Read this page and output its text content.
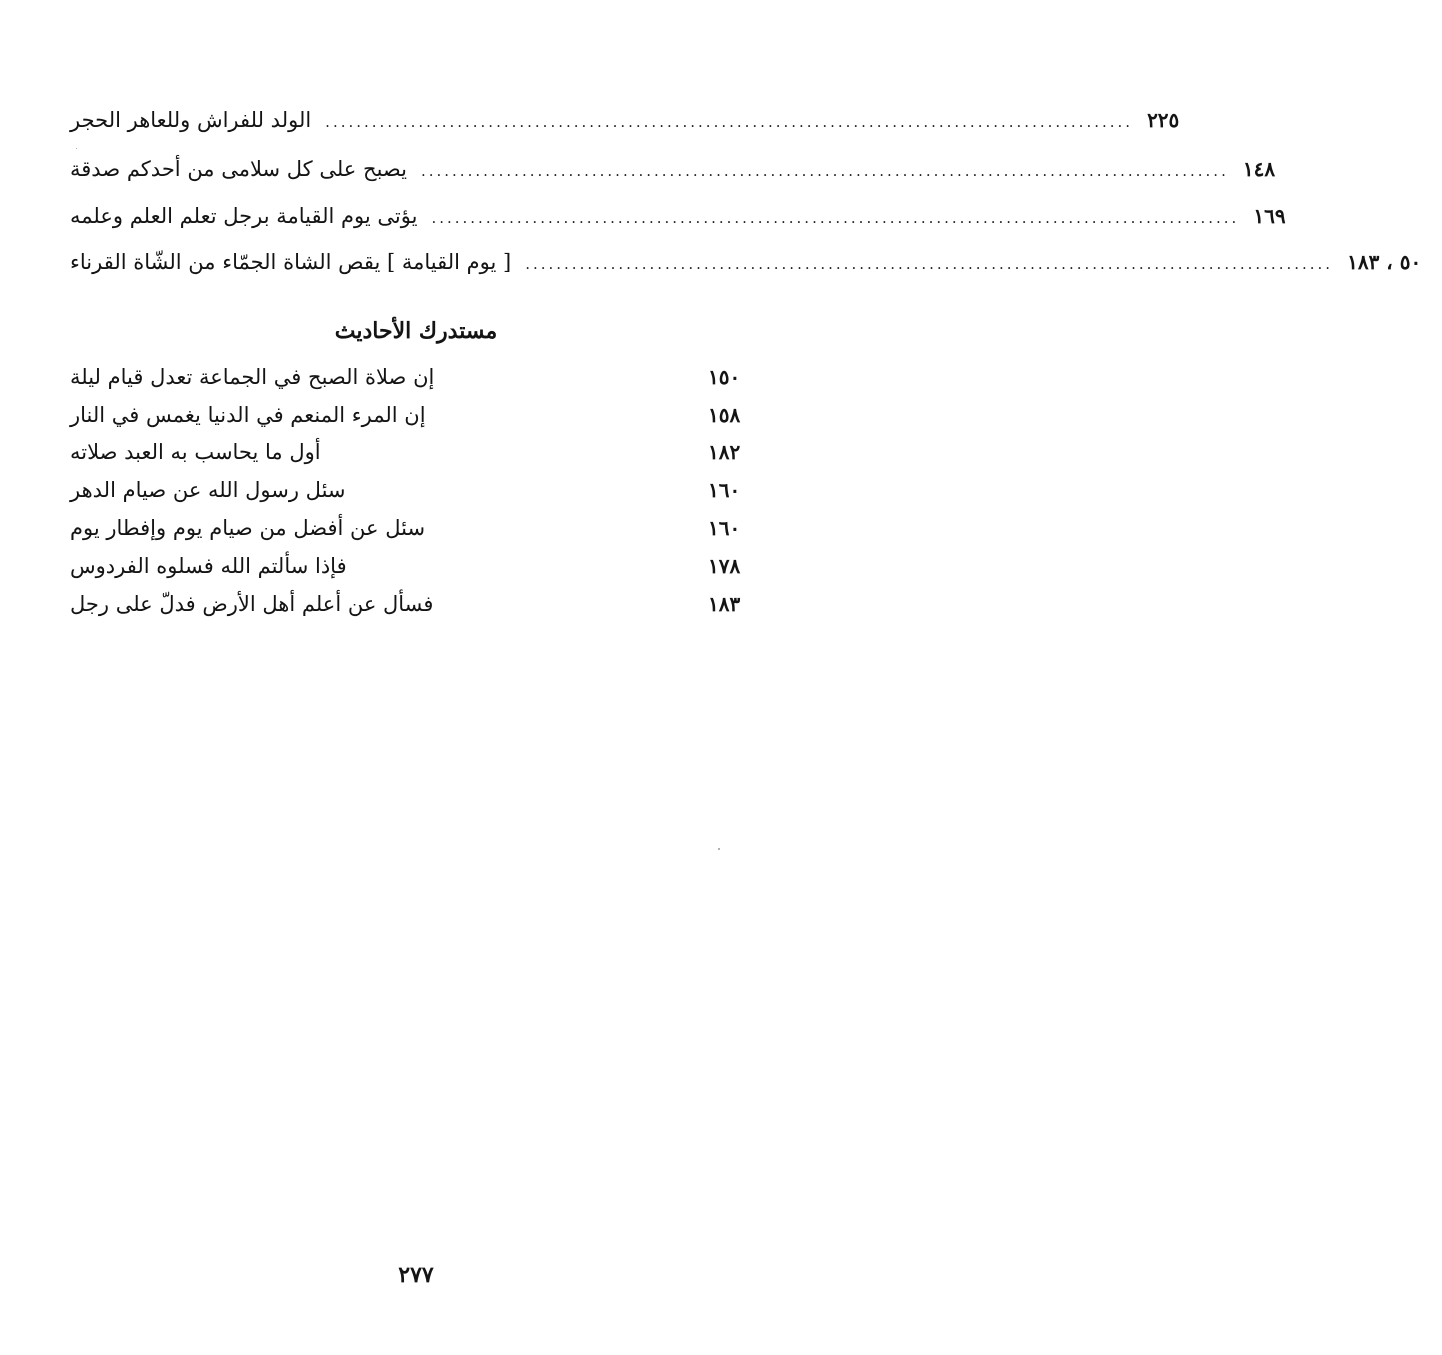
الولد للفراش وللعاهر الحجر ........................................................................................................ ٢٢٥
يصبح على كل سلامى من أحدكم صدقة ........................................................................................................ ١٤٨
يؤتى يوم القيامة برجل تعلم العلم وعلمه ........................................................................................................ ١٦٩
[ يوم القيامة ] يقص الشاة الجمّاء من الشّاة القرناء ........................................................................................................ ٥٠ ، ١٨٣
مستدرك الأحاديث
إن صلاة الصبح في الجماعة تعدل قيام ليلة	١٥٠
إن المرء المنعم في الدنيا يغمس في النار	١٥٨
أول ما يحاسب به العبد صلاته	١٨٢
سئل رسول الله عن صيام الدهر	١٦٠
سئل عن أفضل من صيام يوم وإفطار يوم	١٦٠
فإذا سألتم الله فسلوه الفردوس	١٧٨
فسأل عن أعلم أهل الأرض فدلّ على رجل	١٨٣
٢٧٧
